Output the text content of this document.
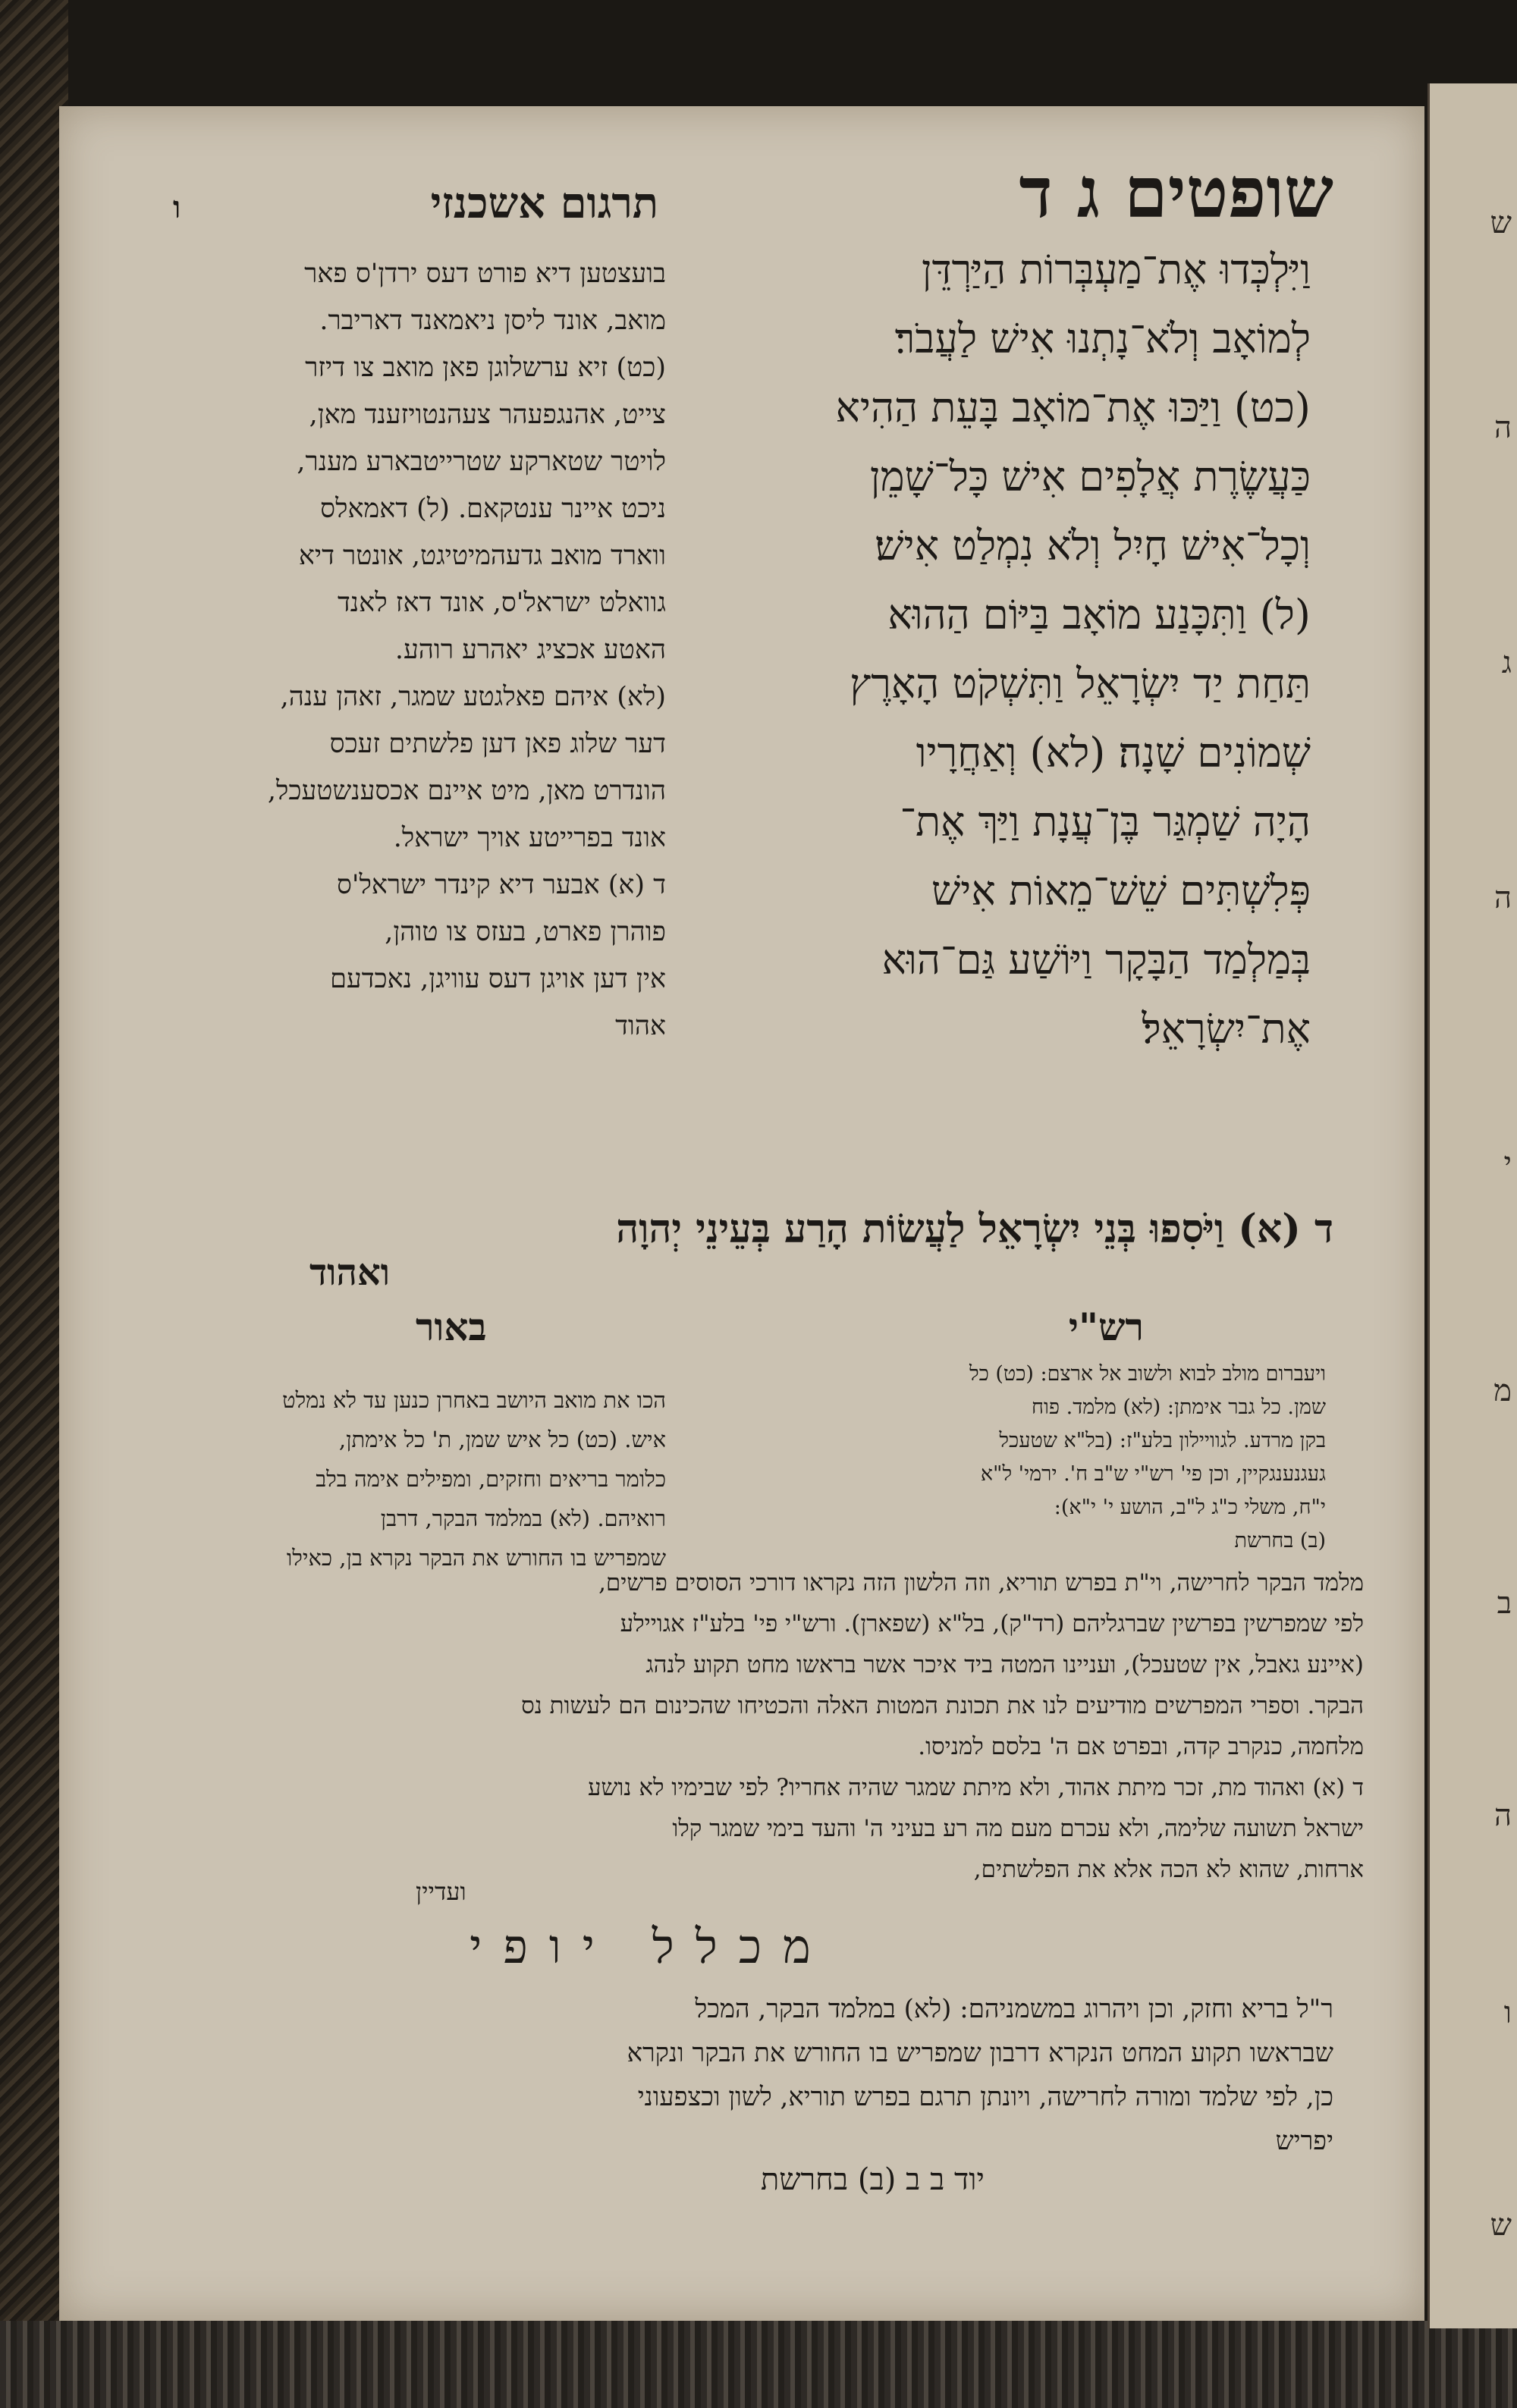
ש
ה
ג
ה
י
מ
ב
ה
ו
ש
שופטים ג ד
תרגום אשכנזי
ו
וַיִּלְכְּדוּ אֶת־מַעְבְּרוֹת הַיַּרְדֵּן
לְמוֹאָב וְלֹא־נָתְנוּ אִישׁ לַעֲבֹר׃
(כט) וַיַּכּוּ אֶת־מוֹאָב בָּעֵת הַהִיא
כַּעֲשֶׂרֶת אֲלָפִים אִישׁ כָּל־שָׁמֵן
וְכָל־אִישׁ חָיִל וְלֹא נִמְלַט אִישׁ׃
(ל) וַתִּכָּנַע מוֹאָב בַּיּוֹם הַהוּא
תַּחַת יַד יִשְׂרָאֵל וַתִּשְׁקֹט הָאָרֶץ
שְׁמוֹנִים שָׁנָה׃ (לא) וְאַחֲרָיו
הָיָה שַׁמְגַּר בֶּן־עֲנָת וַיַּךְ אֶת־
פְּלִשְׁתִּים שֵׁשׁ־מֵאוֹת אִישׁ
בְּמַלְמַד הַבָּקָר וַיּוֹשַׁע גַּם־הוּא
אֶת־יִשְׂרָאֵל׃
בועצטען דיא פורט דעס ירדן'ס פאר
מואב, אונד ליסן ניאמאנד דאריבר.
(כט) זיא ערשלוגן פאן מואב צו דיזר
צייט, אהנגפעהר צעהנטויזענד מאן,
לויטר שטארקע שטרייטבארע מענר,
ניכט איינר ענטקאם. (ל) דאמאלס
ווארד מואב גדעהמיטיגט, אונטר דיא
גוואלט ישראל'ס, אונד דאז לאנד
האטע אכציג יאהרע רוהע.
(לא) איהם פאלגטע שמגר, זאהן ענה,
דער שלוג פאן דען פלשתים זעכס
הונדרט מאן, מיט איינם אכסענשטעכל,
אונד בפרייטע אויך ישראל.
ד (א) אבער דיא קינדר ישראל'ס
פוהרן פארט, בעזס צו טוהן,
אין דען אויגן דעס עוויגן, נאכדעם
אהוד
ד (א) וַיֹּסִפוּ בְּנֵי יִשְׂרָאֵל לַעֲשׂוֹת הָרַע בְּעֵינֵי יְהוָה
ואהוד
רש"י
באור
ויעברום מולב לבוא ולשוב אל ארצם: (כט) כל
שמן. כל גבר אימתן: (לא) מלמד. פוח
בקן מרדע. לגוויילון בלע"ז: (בל"א שטעכל
געגנענגקיין, וכן פי' רש"י ש"ב ח'. ירמי' ל"א
י"ח, משלי כ"ג ל"ב, הושע י' י"א):
(ב) בחרשת
הכו את מואב היושב באחרן כנען עד לא נמלט
איש. (כט) כל איש שמן, ת' כל אימתן,
כלומר בריאים וחזקים, ומפילים אימה בלב
רואיהם. (לא) במלמד הבקר, דרבן
שמפריש בו החורש את הבקר נקרא בן, כאילו
מלמד הבקר לחרישה, וי"ת בפרש תוריא, וזה הלשון הזה נקראו דורכי הסוסים פרשים,
לפי שמפרשין בפרשין שברגליהם (רד"ק), בל"א (שפארן). ורש"י פי' בלע"ז אגויילע
(איינע גאבל, אין שטעכל), ועניינו המטה ביד איכר אשר בראשו מחט תקוע לנהג
הבקר. וספרי המפרשים מודיעים לנו את תכונת המטות האלה והכטיחו שהכינום הם לעשות נס
מלחמה, כנקרב קדה, ובפרט אם ה' בלסם למניסו.
ד (א) ואהוד מת, זכר מיתת אהוד, ולא מיתת שמגר שהיה אחריו? לפי שבימיו לא נושע
ישראל תשועה שלימה, ולא עכרם מעם מה רע בעיני ה' והעד בימי שמגר קלו
ארחות, שהוא לא הכה אלא את הפלשתים,
ועדיין
מכלל יופי
ר"ל בריא וחזק, וכן ויהרוג במשמניהם: (לא) במלמד הבקר, המכל
שבראשו תקוע המחט הנקרא דרבון שמפריש בו החורש את הבקר ונקרא
כן, לפי שלמד ומורה לחרישה, ויונתן תרגם בפרש תוריא, לשון וכצפעוני
יפריש
יוד ב ב (ב) בחרשת
